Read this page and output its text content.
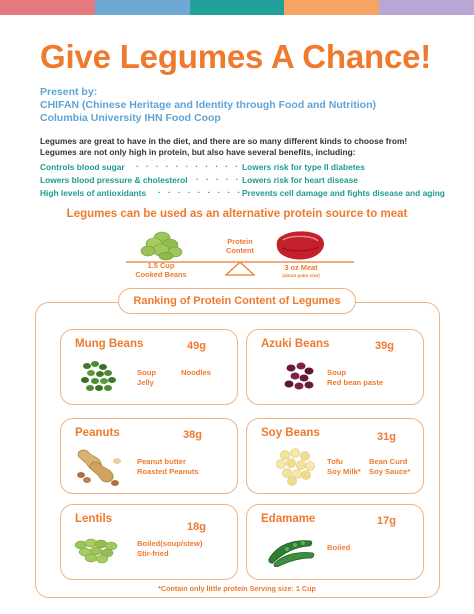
Give Legumes A Chance!
Present by:
CHIFAN (Chinese Heritage and Identity through Food and Nutrition)
Columbia University IHN Food Coop
Legumes are great to have in the diet, and there are so many different kinds to choose from!
Legumes are not only high in protein, but also have several benefits, including:
Controls blood sugar · · · · · · · · · · · Lowers risk for type II diabetes
Lowers blood pressure & cholesterol · · · · · Lowers risk for heart disease
High levels of antioxidants · · · · · · · · · Prevents cell damage and fights disease and aging
Legumes can be used as an alternative protein source to meat
Protein
Content
1.5 Cup
Cooked Beans
3 oz Meat
(about palm size)
Ranking of Protein Content of Legumes
Mung Beans	49g
Soup
Jelly
Noodles
Azuki Beans	39g
Soup
Red bean paste
Peanuts	38g
Peanut butter
Roasted Peanuts
Soy Beans	31g
Tofu
Soy Milk*
Bean Curd
Soy Sauce*
Lentils
18g
Boiled(soup/stew)
Stir-fried
Edamame	17g
Boiled
*Contain only little protein Serving size: 1 Cup
